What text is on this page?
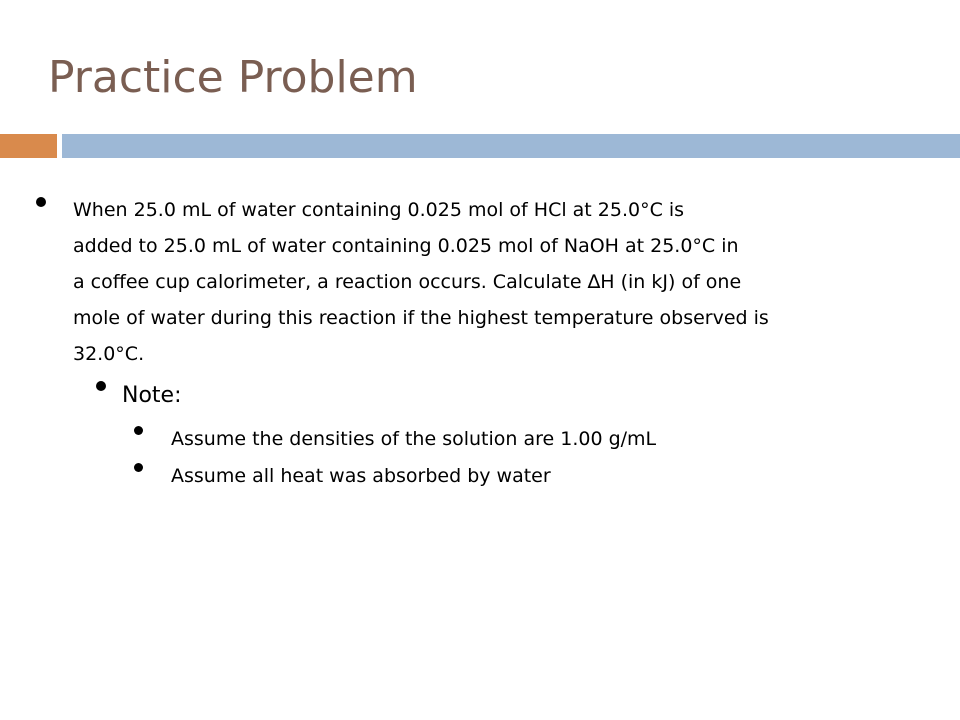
Practice Problem
When 25.0 mL of water containing 0.025 mol of HCl at 25.0°C is
added to 25.0 mL of water containing 0.025 mol of NaOH at 25.0°C in
a coffee cup calorimeter, a reaction occurs. Calculate ∆H (in kJ) of one
mole of water during this reaction if the highest temperature observed is
32.0°C.
Note:
Assume the densities of the solution are 1.00 g/mL
Assume all heat was absorbed by water
